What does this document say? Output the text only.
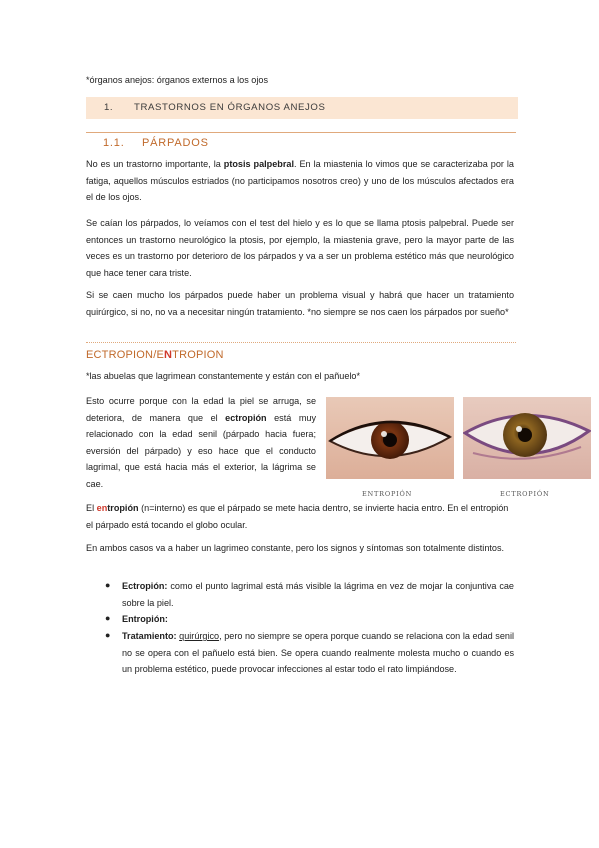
*órganos anejos: órganos externos a los ojos
1. TRASTORNOS EN ÓRGANOS ANEJOS
1.1. PÁRPADOS
No es un trastorno importante, la ptosis palpebral. En la miastenia lo vimos que se caracterizaba por la fatiga, aquellos músculos estriados (no participamos nosotros creo) y uno de los músculos afectados era el de los ojos.
Se caían los párpados, lo veíamos con el test del hielo y es lo que se llama ptosis palpebral. Puede ser entonces un trastorno neurológico la ptosis, por ejemplo, la miastenia grave, pero la mayor parte de las veces es un trastorno por deterioro de los párpados y va a ser un problema estético más que neurológico que hace tener cara triste.
Si se caen mucho los párpados puede haber un problema visual y habrá que hacer un tratamiento quirúrgico, si no, no va a necesitar ningún tratamiento. *no siempre se nos caen los párpados por sueño*
ECTROPION/ENTROPION
*las abuelas que lagrimean constantemente y están con el pañuelo*
Esto ocurre porque con la edad la piel se arruga, se deteriora, de manera que el ectropión está muy relacionado con la edad senil (párpado hacia fuera; eversión del párpado) y eso hace que el conducto lagrimal, que está hacia más el exterior, la lágrima se cae.
ENTROPIÓN	ECTROPIÓN
El entropión (n=interno) es que el párpado se mete hacia dentro, se invierte hacia entro. En el entropión el párpado está tocando el globo ocular.
En ambos casos va a haber un lagrimeo constante, pero los signos y síntomas son totalmente distintos.
● Ectropión: como el punto lagrimal está más visible la lágrima en vez de mojar la conjuntiva cae sobre la piel.
● Entropión:
● Tratamiento: quirúrgico, pero no siempre se opera porque cuando se relaciona con la edad senil no se opera con el pañuelo está bien. Se opera cuando realmente molesta mucho o cuando es un problema estético, puede provocar infecciones al estar todo el rato limpiándose.
